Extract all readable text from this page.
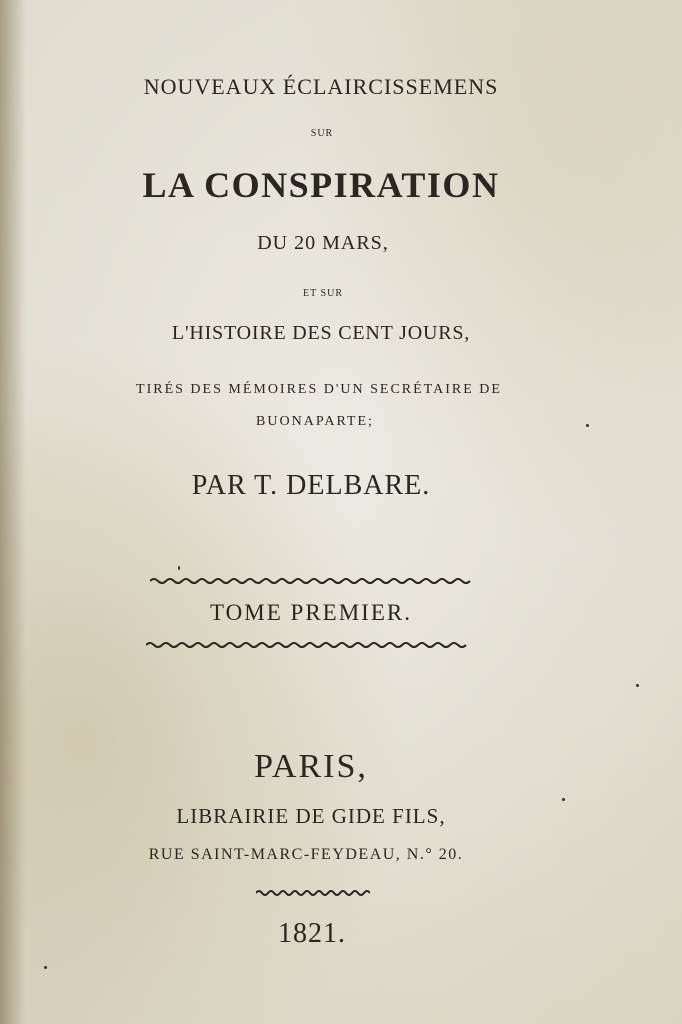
NOUVEAUX ÉCLAIRCISSEMENS
SUR
LA CONSPIRATION
DU 20 MARS,
ET SUR
L'HISTOIRE DES CENT JOURS,
TIRÉS DES MÉMOIRES D'UN SECRÉTAIRE DE
BUONAPARTE;
PAR T. DELBARE.
TOME PREMIER.
PARIS,
LIBRAIRIE DE GIDE FILS,
RUE SAINT-MARC-FEYDEAU, N.° 20.
1821.
